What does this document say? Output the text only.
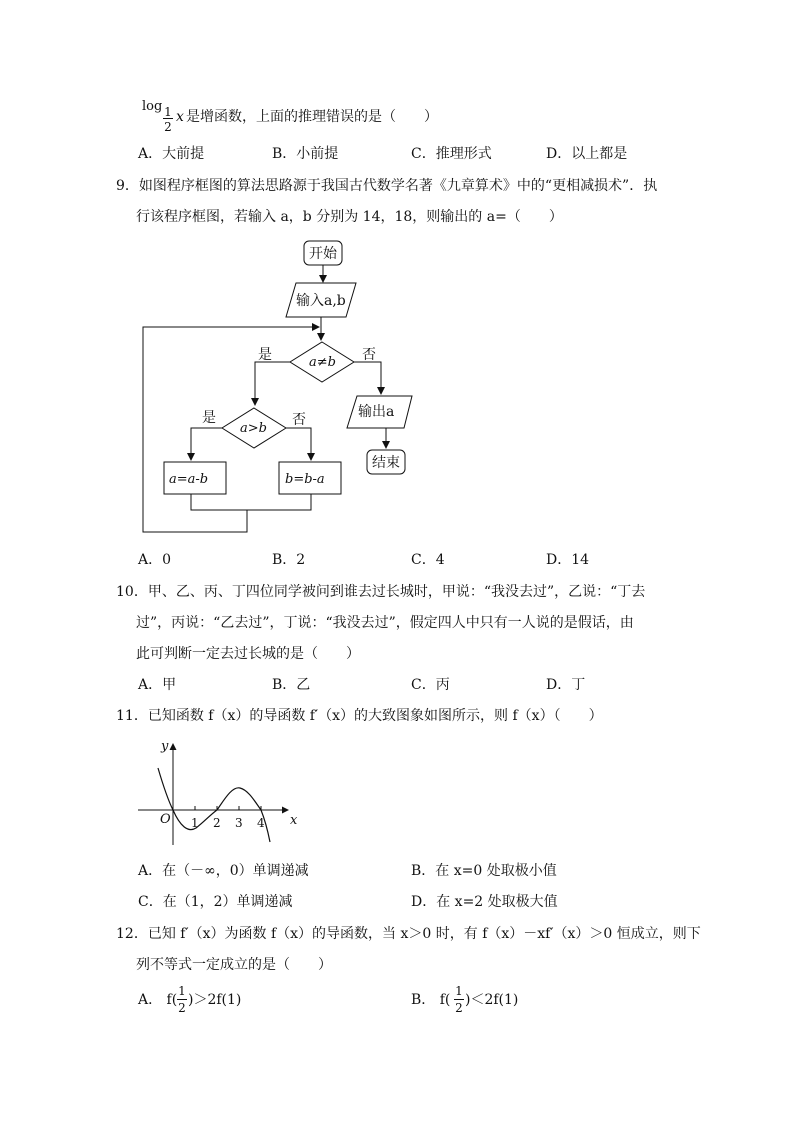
log 1
2
x 是增函数，上面的推理错误的是（　　）
A．大前提	B．小前提	C．推理形式	D．以上都是
9．如图程序框图的算法思路源于我国古代数学名著《九章算术》中的“更相减损术”．执
行该程序框图，若输入 a，b 分别为 14，18，则输出的 a=（　　）
开始
输入a,b
a≠b
是	否
输出a
结束
a>b
是	否
a=a-b	b=b-a
A．0	B．2	C．4	D．14
10．甲、乙、丙、丁四位同学被问到谁去过长城时，甲说：“我没去过”，乙说：“丁去
过”，丙说：“乙去过”，丁说：“我没去过”，假定四人中只有一人说的是假话，由
此可判断一定去过长城的是（　　）
A．甲	B．乙	C．丙	D．丁
11．已知函数 f（x）的导函数 f′（x）的大致图象如图所示，则 f（x）（　　）
y
x
O 1 2 3 4
A．在（－∞，0）单调递减	B．在 x=0 处取极小值
C．在（1，2）单调递减	D．在 x=2 处取极大值
12．已知 f′（x）为函数 f（x）的导函数，当 x＞0 时，有 f（x）－xf′（x）＞0 恒成立，则下
列不等式一定成立的是（　　）
A． f(
1
2 )＞2f(1)	B． f(
1
2 )＜2f(1)
